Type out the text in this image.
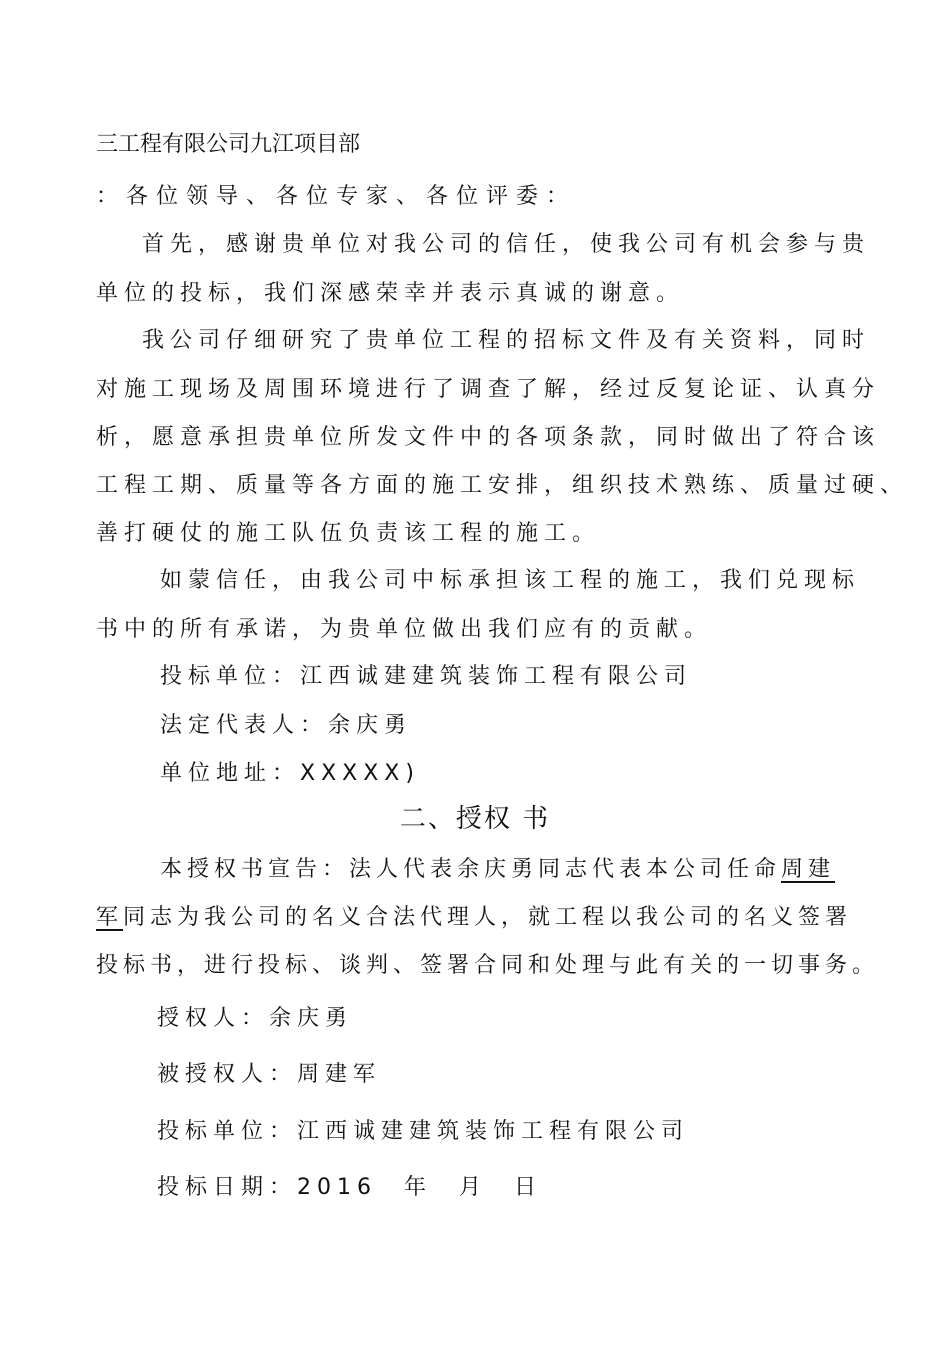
三工程有限公司九江项目部
：各位领导、各位专家、各位评委：
首先，感谢贵单位对我公司的信任，使我公司有机会参与贵
单位的投标，我们深感荣幸并表示真诚的谢意。
我公司仔细研究了贵单位工程的招标文件及有关资料，同时
对施工现场及周围环境进行了调查了解，经过反复论证、认真分
析，愿意承担贵单位所发文件中的各项条款，同时做出了符合该
工程工期、质量等各方面的施工安排，组织技术熟练、质量过硬、
善打硬仗的施工队伍负责该工程的施工。
如蒙信任，由我公司中标承担该工程的施工，我们兑现标
书中的所有承诺，为贵单位做出我们应有的贡献。
投标单位：江西诚建建筑装饰工程有限公司
法定代表人：余庆勇
单位地址：XXXXX)
二、授权 书
本授权书宣告：法人代表余庆勇同志代表本公司任命周建
军同志为我公司的名义合法代理人，就工程以我公司的名义签署
投标书，进行投标、谈判、签署合同和处理与此有关的一切事务。
授权人：余庆勇
被授权人：周建军
投标单位：江西诚建建筑装饰工程有限公司
投标日期：2016 年 月 日
